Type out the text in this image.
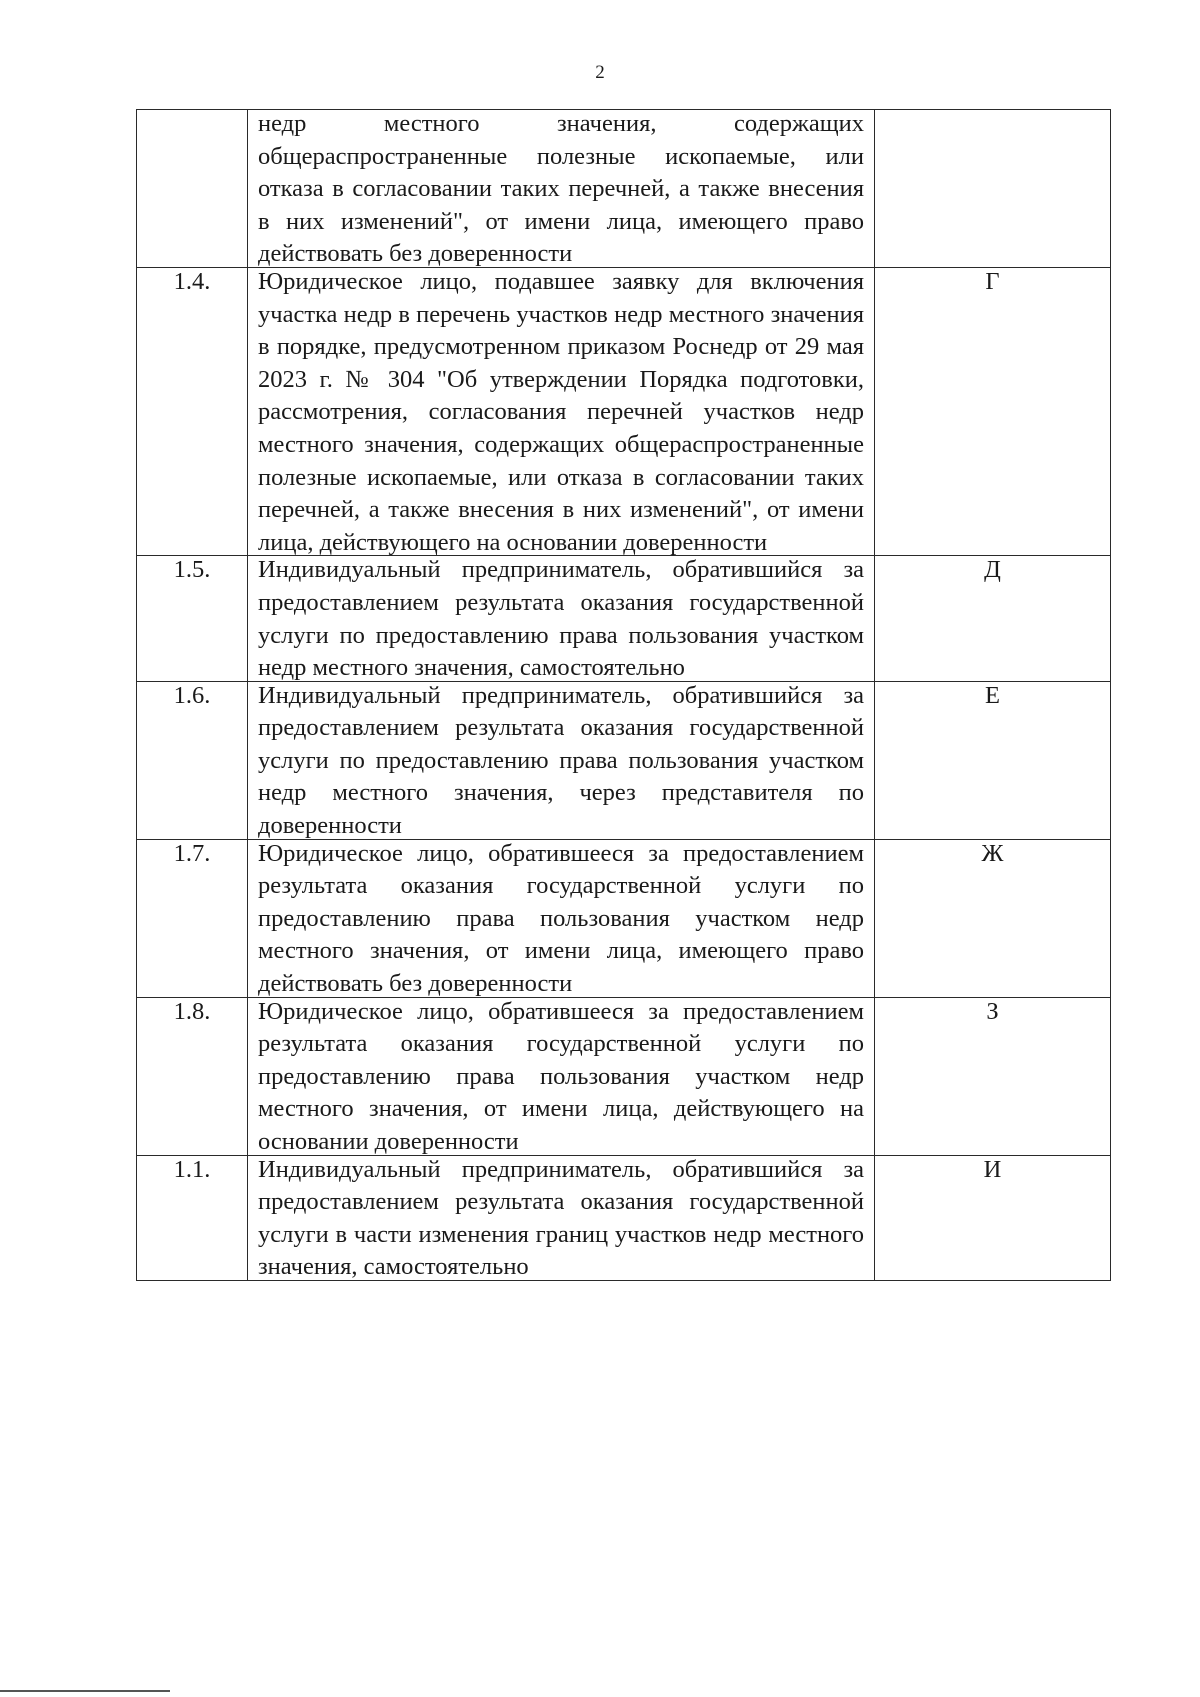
2

	недр местного значения, содержащих общераспространенные полезные ископаемые, или отказа в согласовании таких перечней, а также внесения в них изменений", от имени лица, имеющего право действовать без доверенности	

1.4.	Юридическое лицо, подавшее заявку для включения участка недр в перечень участков недр местного значения в порядке, предусмотренном приказом Роснедр от 29 мая 2023 г. № 304 "Об утверждении Порядка подготовки, рассмотрения, согласования перечней участков недр местного значения, содержащих общераспространенные полезные ископаемые, или отказа в согласовании таких перечней, а также внесения в них изменений", от имени лица, действующего на основании доверенности	Г

1.5.	Индивидуальный предприниматель, обратившийся за предоставлением результата оказания государственной услуги по предоставлению права пользования участком недр местного значения, самостоятельно	Д

1.6.	Индивидуальный предприниматель, обратившийся за предоставлением результата оказания государственной услуги по предоставлению права пользования участком недр местного значения, через представителя по доверенности	Е

1.7.	Юридическое лицо, обратившееся за предоставлением результата оказания государственной услуги по предоставлению права пользования участком недр местного значения, от имени лица, имеющего право действовать без доверенности	Ж

1.8.	Юридическое лицо, обратившееся за предоставлением результата оказания государственной услуги по предоставлению права пользования участком недр местного значения, от имени лица, действующего на основании доверенности	З

1.1.	Индивидуальный предприниматель, обратившийся за предоставлением результата оказания государственной услуги в части изменения границ участков недр местного значения, самостоятельно	И
